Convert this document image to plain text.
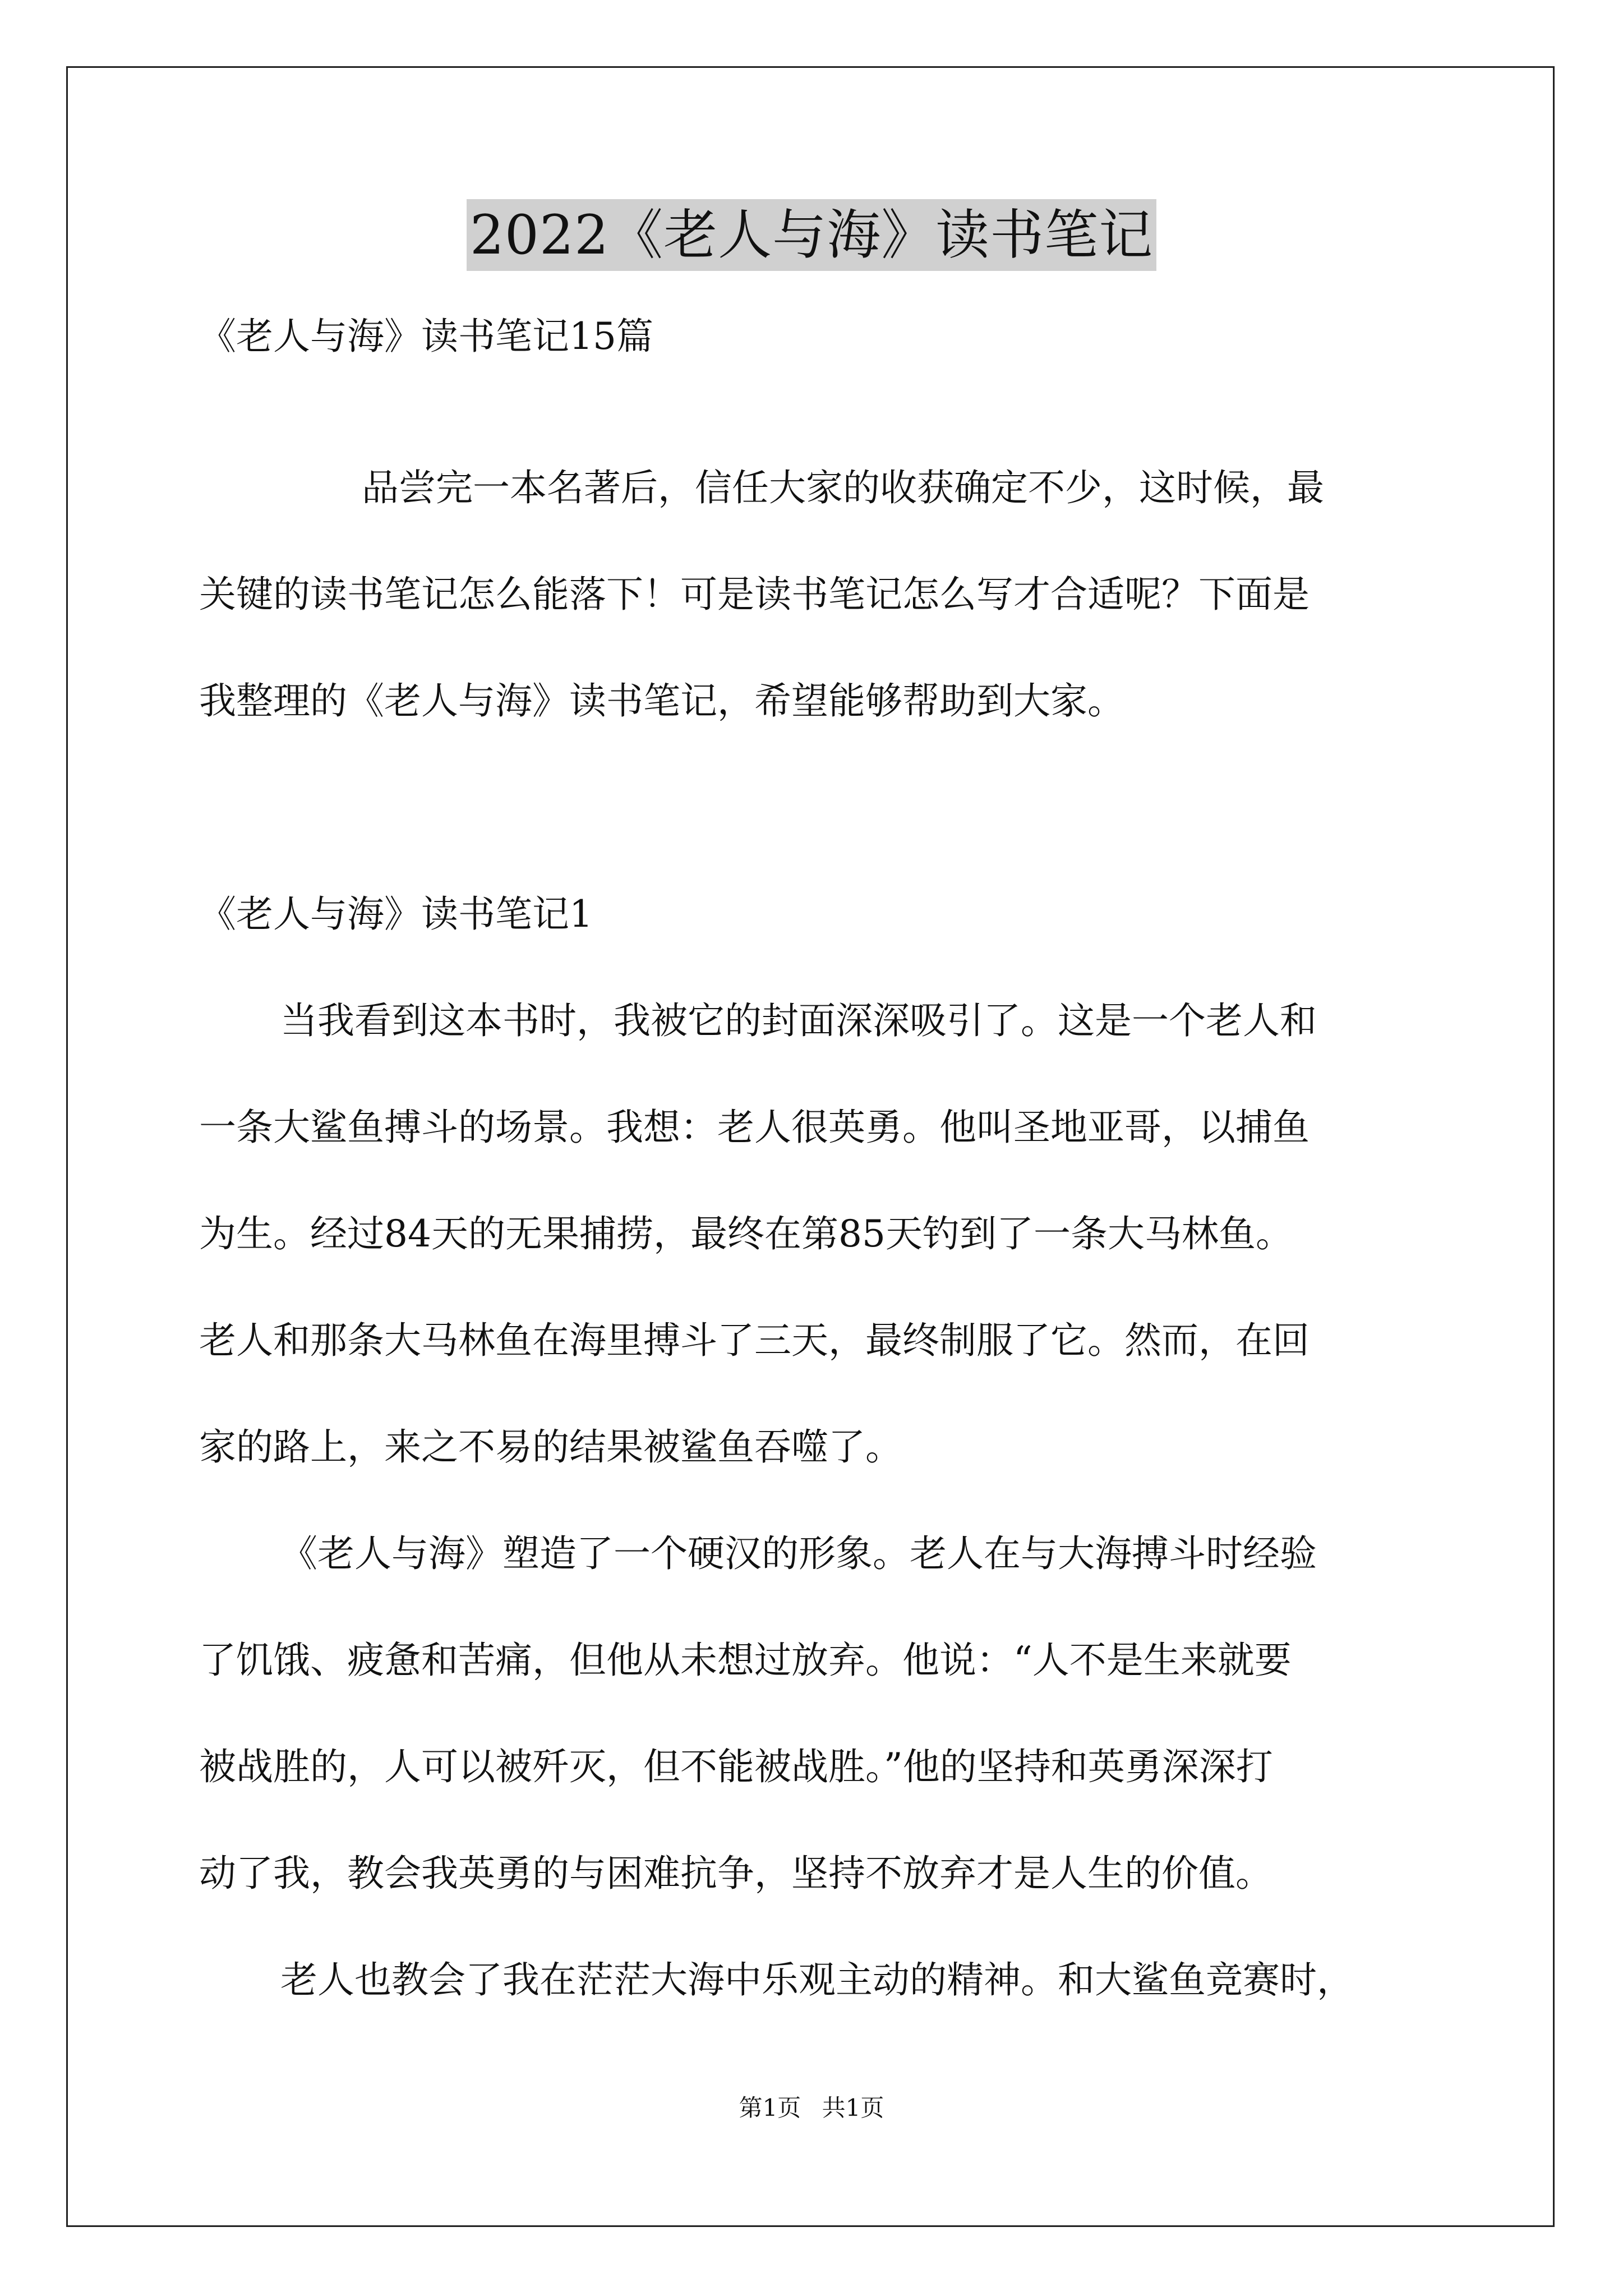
2022《老人与海》读书笔记
《老人与海》读书笔记15篇
品尝完一本名著后，信任大家的收获确定不少，这时候，最
关键的读书笔记怎么能落下！可是读书笔记怎么写才合适呢？下面是
我整理的《老人与海》读书笔记，希望能够帮助到大家。
《老人与海》读书笔记1
当我看到这本书时，我被它的封面深深吸引了。这是一个老人和
一条大鲨鱼搏斗的场景。我想：老人很英勇。他叫圣地亚哥，以捕鱼
为生。经过84天的无果捕捞，最终在第85天钓到了一条大马林鱼。
老人和那条大马林鱼在海里搏斗了三天，最终制服了它。然而，在回
家的路上，来之不易的结果被鲨鱼吞噬了。
《老人与海》塑造了一个硬汉的形象。老人在与大海搏斗时经验
了饥饿、疲惫和苦痛，但他从未想过放弃。他说：“人不是生来就要
被战胜的，人可以被歼灭，但不能被战胜。”他的坚持和英勇深深打
动了我，教会我英勇的与困难抗争，坚持不放弃才是人生的价值。
老人也教会了我在茫茫大海中乐观主动的精神。和大鲨鱼竞赛时，
第1页 共1页
